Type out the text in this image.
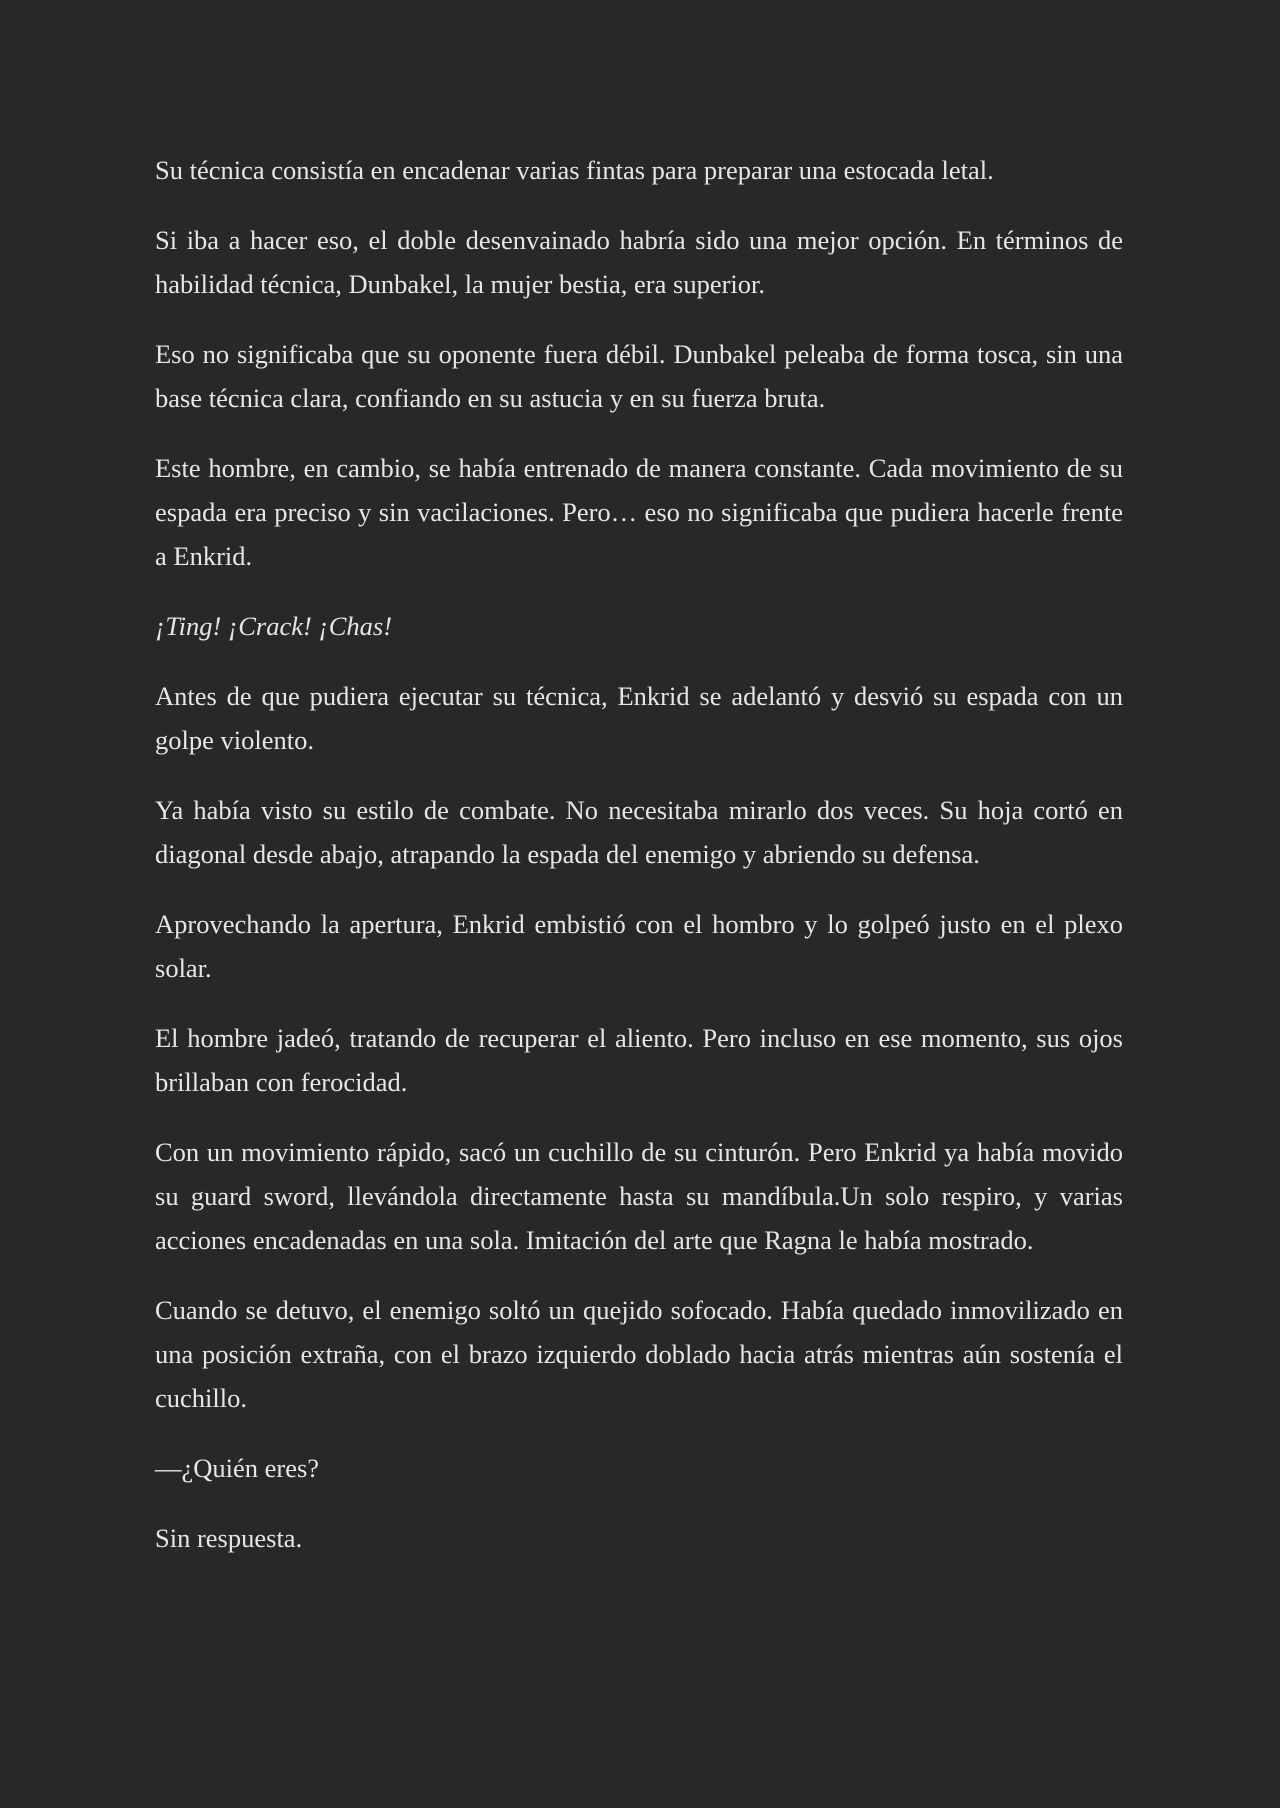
Su técnica consistía en encadenar varias fintas para preparar una estocada letal.

Si iba a hacer eso, el doble desenvainado habría sido una mejor opción. En términos de habilidad técnica, Dunbakel, la mujer bestia, era superior.

Eso no significaba que su oponente fuera débil. Dunbakel peleaba de forma tosca, sin una base técnica clara, confiando en su astucia y en su fuerza bruta.

Este hombre, en cambio, se había entrenado de manera constante. Cada movimiento de su espada era preciso y sin vacilaciones. Pero… eso no significaba que pudiera hacerle frente a Enkrid.

¡Ting! ¡Crack! ¡Chas!

Antes de que pudiera ejecutar su técnica, Enkrid se adelantó y desvió su espada con un golpe violento.

Ya había visto su estilo de combate. No necesitaba mirarlo dos veces. Su hoja cortó en diagonal desde abajo, atrapando la espada del enemigo y abriendo su defensa.

Aprovechando la apertura, Enkrid embistió con el hombro y lo golpeó justo en el plexo solar.

El hombre jadeó, tratando de recuperar el aliento. Pero incluso en ese momento, sus ojos brillaban con ferocidad.

Con un movimiento rápido, sacó un cuchillo de su cinturón. Pero Enkrid ya había movido su guard sword, llevándola directamente hasta su mandíbula.Un solo respiro, y varias acciones encadenadas en una sola. Imitación del arte que Ragna le había mostrado.

Cuando se detuvo, el enemigo soltó un quejido sofocado. Había quedado inmovilizado en una posición extraña, con el brazo izquierdo doblado hacia atrás mientras aún sostenía el cuchillo.

—¿Quién eres?

Sin respuesta.
